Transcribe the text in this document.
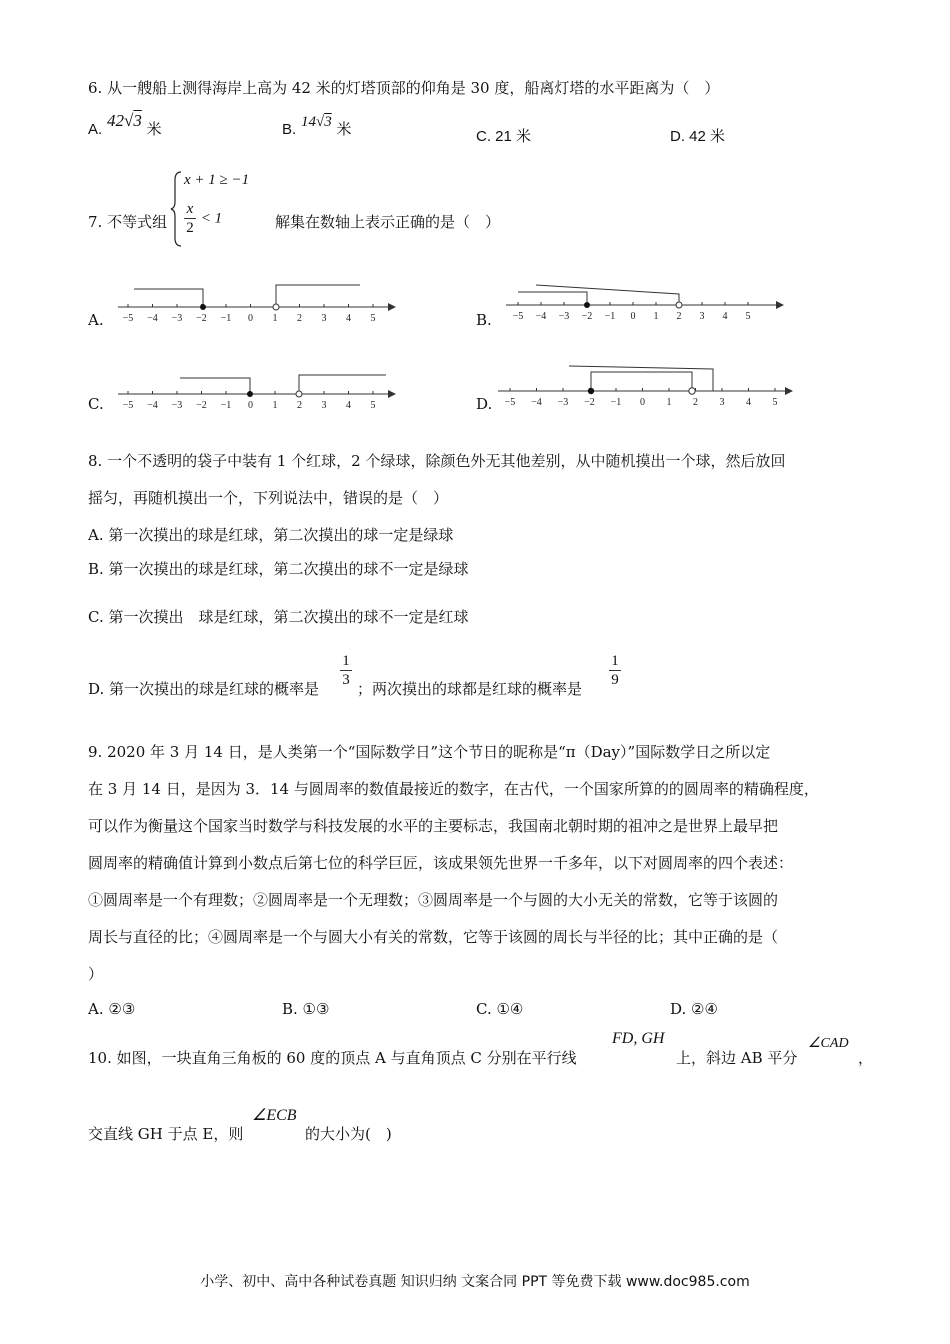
6. 从一艘船上测得海岸上高为 42 米的灯塔顶部的仰角是 30 度，船离灯塔的水平距离为（　）
A. 42√3 米	B. 14√3 米	C. 21 米	D. 42 米
7. 不等式组
x + 1 ≥ −1
$\frac{x}{2} < 1$	解集在数轴上表示正确的是（　）
A. −5 −4 −3 −2 −1 0 1 2 3 4 5	B. −5 −4 −3 −2 −1 0 1 2 3 4 5
C. −5 −4 −3 −2 −1 0 1 2 3 4 5	D. −5 −4 −3 −2 −1 0 1 2 3 4 5
8. 一个不透明的袋子中装有 1 个红球，2 个绿球，除颜色外无其他差别，从中随机摸出一个球，然后放回
摇匀，再随机摸出一个，下列说法中，错误的是（　）
A. 第一次摸出的球是红球，第二次摸出的球一定是绿球
B. 第一次摸出的球是红球，第二次摸出的球不一定是绿球
C. 第一次摸出　球是红球，第二次摸出的球不一定是红球
D. 第一次摸出的球是红球的概率是 $\frac{1}{3}$ ；两次摸出的球都是红球的概率是 $\frac{1}{9}$
9. 2020 年 3 月 14 日，是人类第一个“国际数学日”这个节日的昵称是“π（Day）”国际数学日之所以定
在 3 月 14 日，是因为 3．14 与圆周率的数值最接近的数字，在古代，一个国家所算的的圆周率的精确程度，
可以作为衡量这个国家当时数学与科技发展的水平的主要标志，我国南北朝时期的祖冲之是世界上最早把
圆周率的精确值计算到小数点后第七位的科学巨匠，该成果领先世界一千多年，以下对圆周率的四个表述：
①圆周率是一个有理数；②圆周率是一个无理数；③圆周率是一个与圆的大小无关的常数，它等于该圆的
周长与直径的比；④圆周率是一个与圆大小有关的常数，它等于该圆的周长与半径的比；其中正确的是（
）
A. ②③	B. ①③	C. ①④	D. ②④
10. 如图，一块直角三角板的 60 度的顶点 A 与直角顶点 C 分别在平行线
FD, GH
上，斜边 AB 平分
∠CAD
，
交直线 GH 于点 E，则
∠ECB
的大小为(　)
小学、初中、高中各种试卷真题 知识归纳 文案合同 PPT 等免费下载 www.doc985.com
